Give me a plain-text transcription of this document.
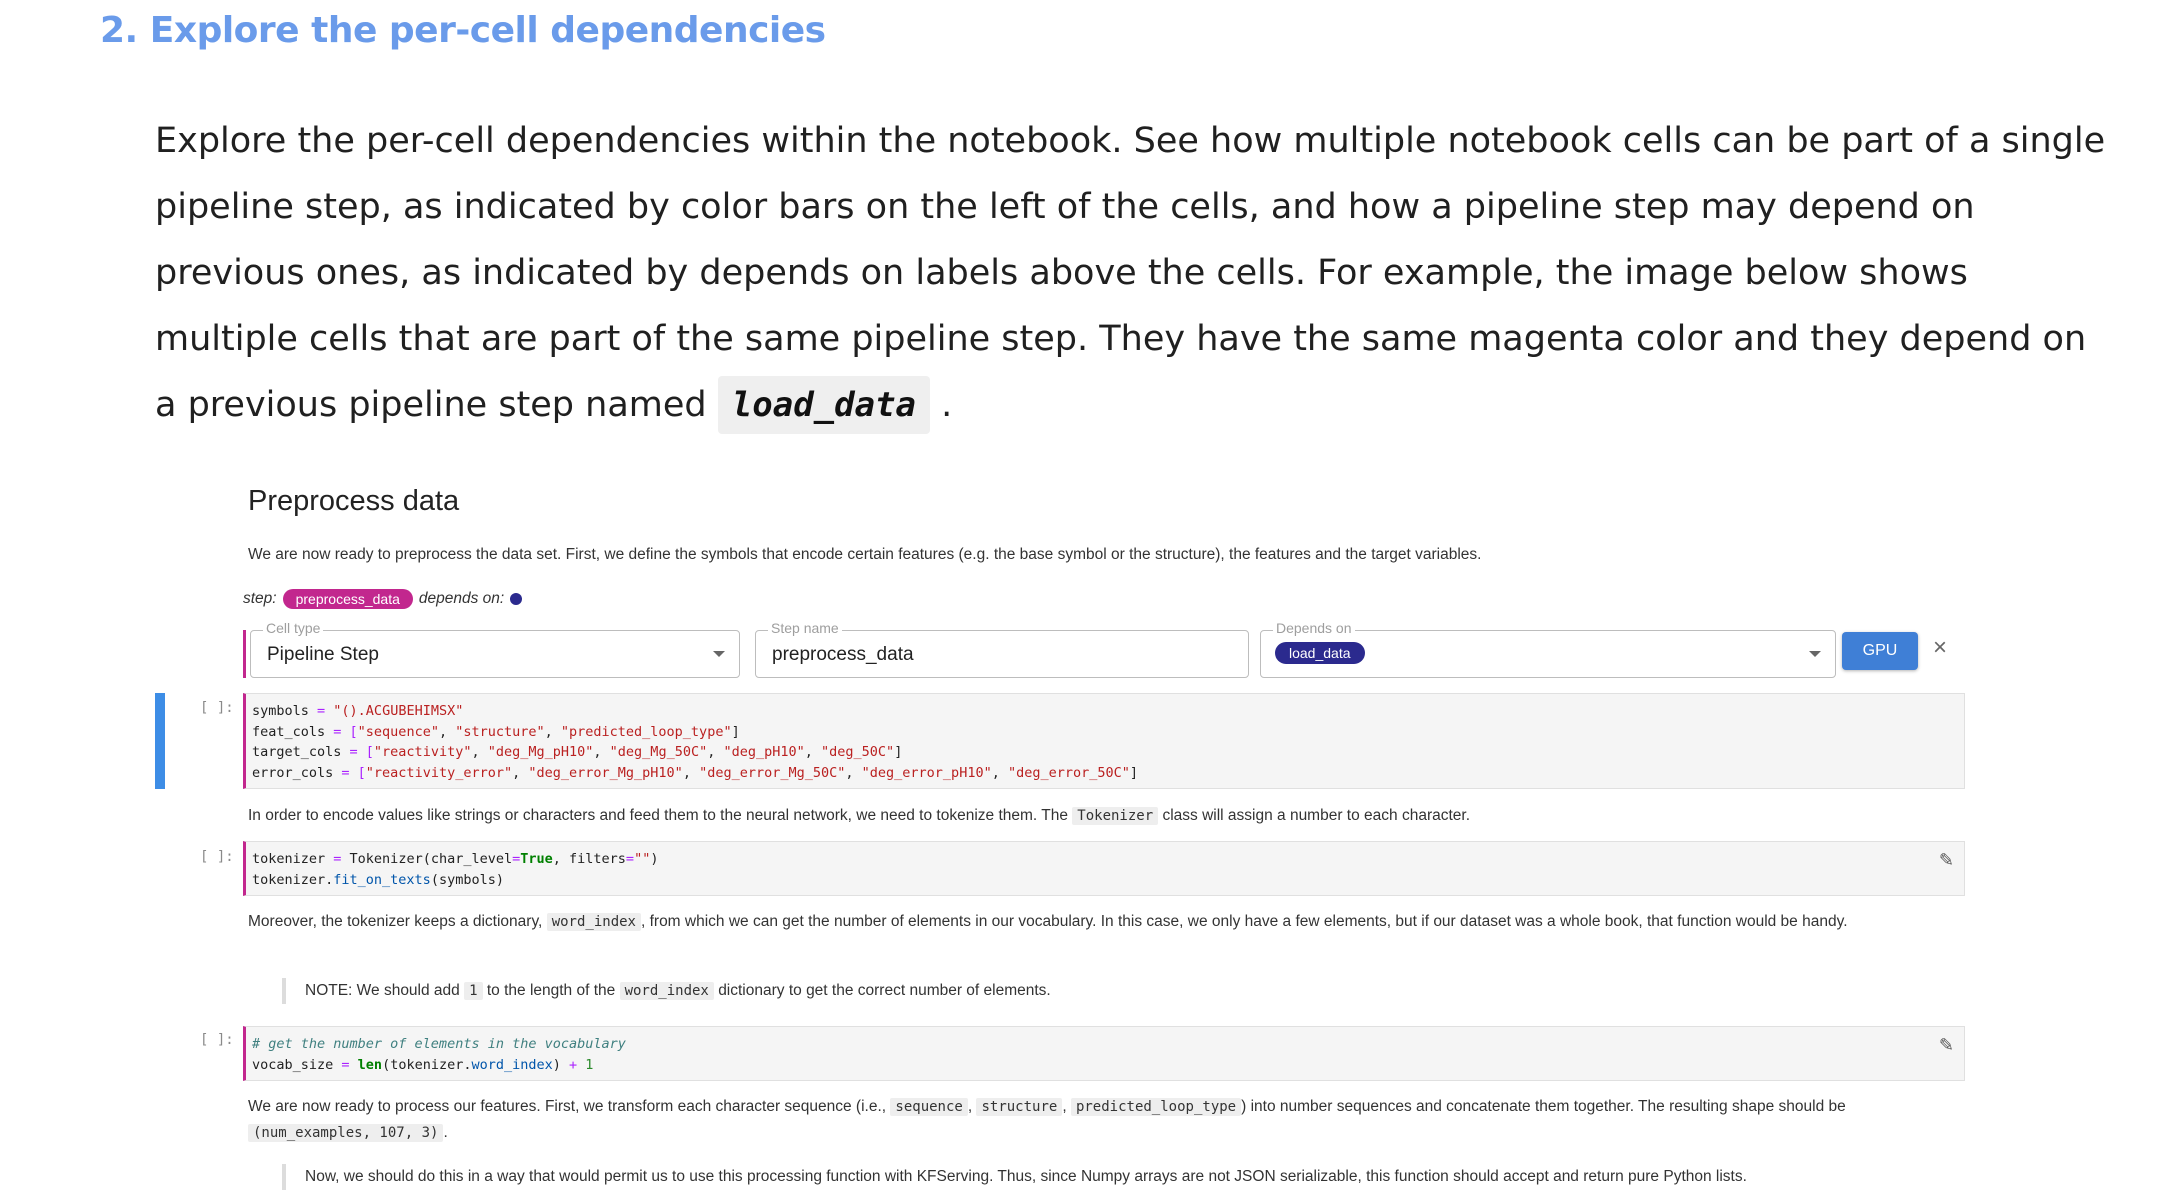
2. Explore the per-cell dependencies
Explore the per-cell dependencies within the notebook. See how multiple notebook cells can be part of a single pipeline step, as indicated by color bars on the left of the cells, and how a pipeline step may depend on previous ones, as indicated by depends on labels above the cells. For example, the image below shows multiple cells that are part of the same pipeline step. They have the same magenta color and they depend on a previous pipeline step named load_data .
Preprocess data
We are now ready to preprocess the data set. First, we define the symbols that encode certain features (e.g. the base symbol or the structure), the features and the target variables.
step:	preprocess_data	depends on:
Cell type
Pipeline Step
Step name
preprocess_data
Depends on
load_data	GPU	×
[ ]:	symbols = "().ACGUBEHIMSX"
feat_cols = ["sequence", "structure", "predicted_loop_type"]
target_cols = ["reactivity", "deg_Mg_pH10", "deg_Mg_50C", "deg_pH10", "deg_50C"]
error_cols = ["reactivity_error", "deg_error_Mg_pH10", "deg_error_Mg_50C", "deg_error_pH10", "deg_error_50C"]
In order to encode values like strings or characters and feed them to the neural network, we need to tokenize them. The Tokenizer class will assign a number to each character.
[ ]:	tokenizer = Tokenizer(char_level=True, filters="")
tokenizer.fit_on_texts(symbols)
✎
Moreover, the tokenizer keeps a dictionary, word_index , from which we can get the number of elements in our vocabulary. In this case, we only have a few elements, but if our dataset was a whole book, that function would be handy.
NOTE: We should add 1 to the length of the word_index dictionary to get the correct number of elements.
[ ]:	# get the number of elements in the vocabulary
vocab_size = len(tokenizer.word_index) + 1
✎
We are now ready to process our features. First, we transform each character sequence (i.e., sequence , structure , predicted_loop_type ) into number sequences and concatenate them together. The resulting shape should be (num_examples, 107, 3) .
Now, we should do this in a way that would permit us to use this processing function with KFServing. Thus, since Numpy arrays are not JSON serializable, this function should accept and return pure Python lists.
